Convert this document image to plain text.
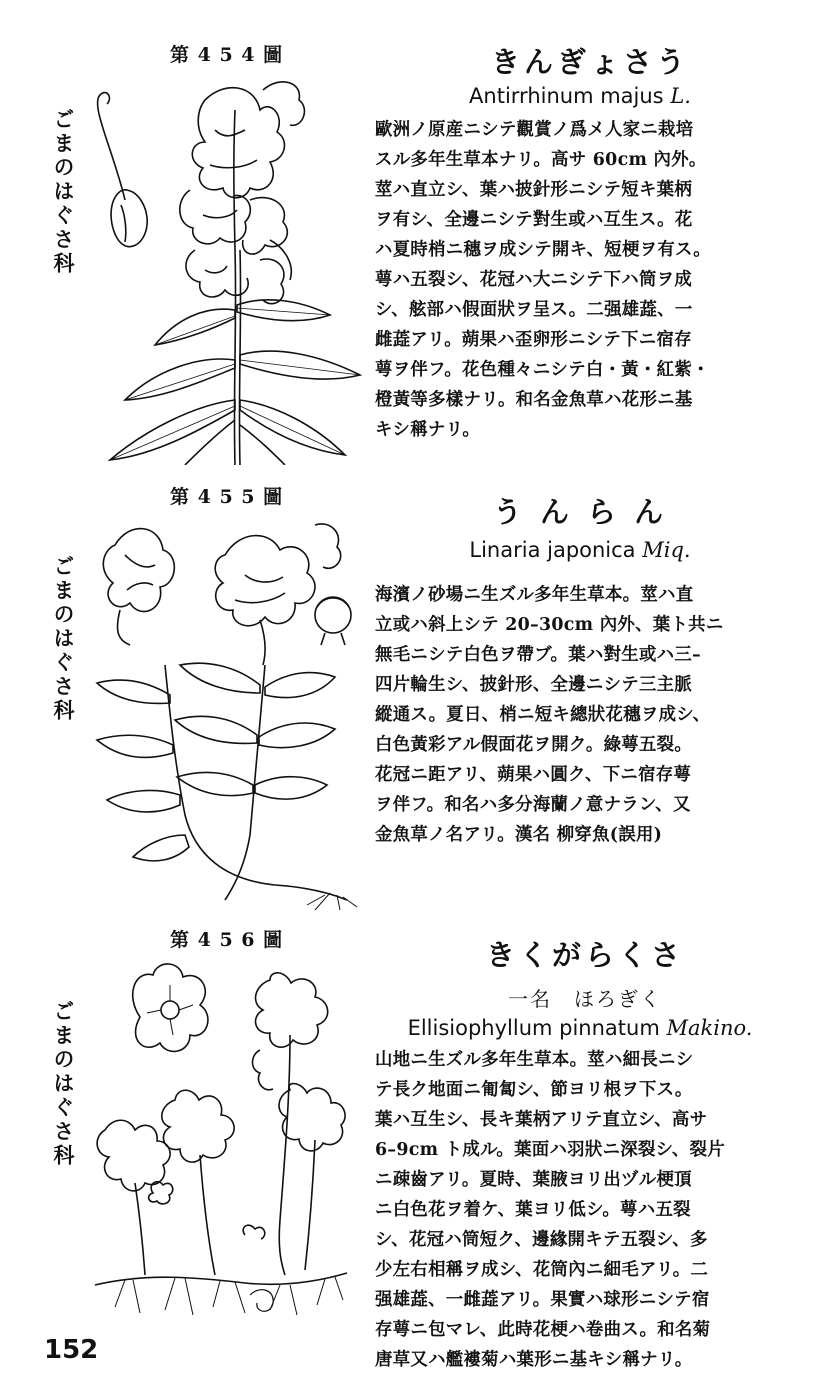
第 4 5 4 圖
ごまのはぐさ科
きんぎょさう
Antirrhinum majus L.
歐洲ノ原産ニシテ觀賞ノ爲メ人家ニ栽培
スル多年生草本ナリ。高サ 60cm 內外。
莖ハ直立シ、葉ハ披針形ニシテ短キ葉柄
ヲ有シ、全邊ニシテ對生或ハ互生ス。花
ハ夏時梢ニ穗ヲ成シテ開キ、短梗ヲ有ス。
萼ハ五裂シ、花冠ハ大ニシテ下ハ筒ヲ成
シ、舷部ハ假面狀ヲ呈ス。二强雄蕋、一
雌蕋アリ。蒴果ハ歪卵形ニシテ下ニ宿存
萼ヲ伴フ。花色種々ニシテ白・黃・紅紫・
橙黃等多樣ナリ。和名金魚草ハ花形ニ基
キシ稱ナリ。
第 4 5 5 圖
ごまのはぐさ科
う ん ら ん
Linaria japonica Miq.
海濱ノ砂場ニ生ズル多年生草本。莖ハ直
立或ハ斜上シテ 20–30cm 內外、葉ト共ニ
無毛ニシテ白色ヲ帶ブ。葉ハ對生或ハ三–
四片輪生シ、披針形、全邊ニシテ三主脈
縱通ス。夏日、梢ニ短キ總狀花穗ヲ成シ、
白色黃彩アル假面花ヲ開ク。綠萼五裂。
花冠ニ距アリ、蒴果ハ圓ク、下ニ宿存萼
ヲ伴フ。和名ハ多分海蘭ノ意ナラン、又
金魚草ノ名アリ。漢名 柳穿魚(誤用)
第 4 5 6 圖
ごまのはぐさ科
きくがらくさ
一名　ほろぎく
Ellisiophyllum pinnatum Makino.
山地ニ生ズル多年生草本。莖ハ細長ニシ
テ長ク地面ニ匍匐シ、節ヨリ根ヲ下ス。
葉ハ互生シ、長キ葉柄アリテ直立シ、高サ
6–9cm ト成ル。葉面ハ羽狀ニ深裂シ、裂片
ニ疎齒アリ。夏時、葉腋ヨリ出ヅル梗頂
ニ白色花ヲ着ケ、葉ヨリ低シ。萼ハ五裂
シ、花冠ハ筒短ク、邊緣開キテ五裂シ、多
少左右相稱ヲ成シ、花筒內ニ細毛アリ。二
强雄蕋、一雌蕋アリ。果實ハ球形ニシテ宿
存萼ニ包マレ、此時花梗ハ卷曲ス。和名菊
唐草又ハ艦褸菊ハ葉形ニ基キシ稱ナリ。
152
